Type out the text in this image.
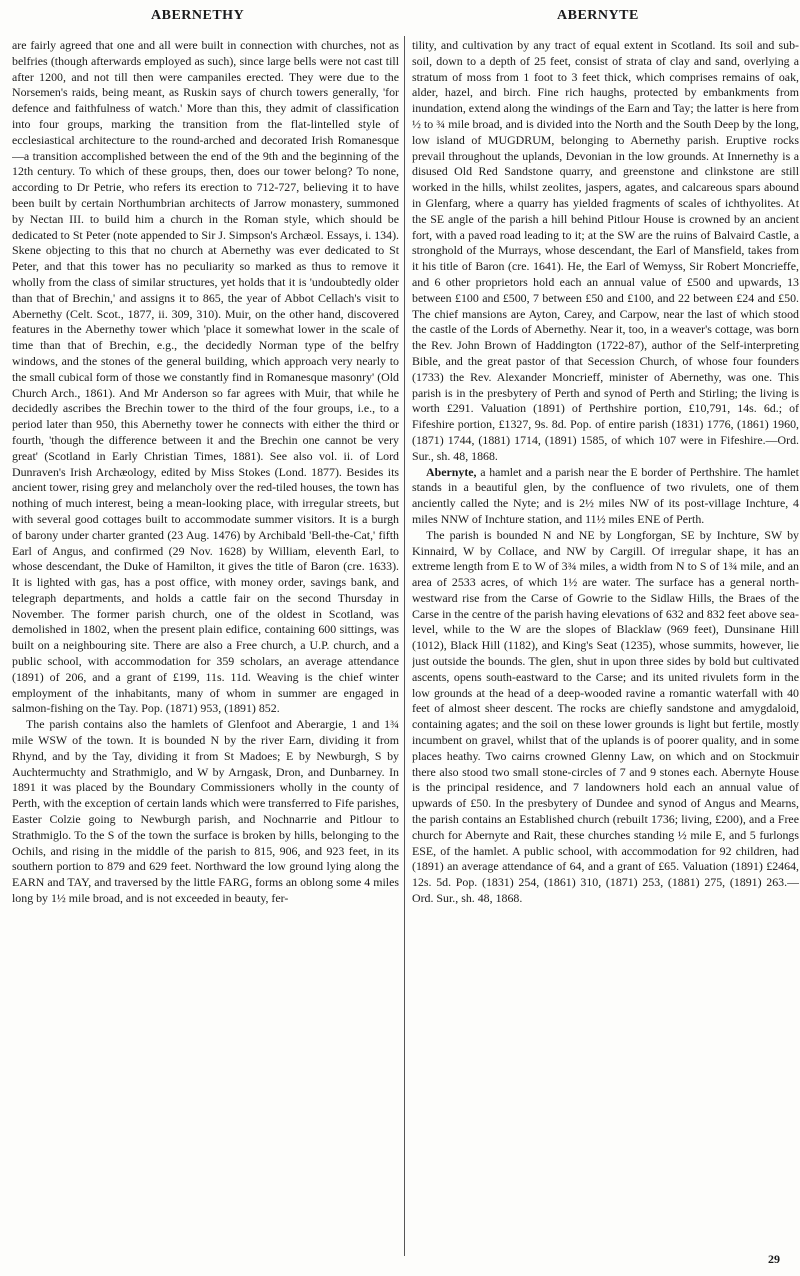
ABERNETHY	ABERNYTE

are fairly agreed that one and all were built in connection with churches, not as belfries (though afterwards employed as such), since large bells were not cast till after 1200, and not till then were campaniles erected. They were due to the Norsemen's raids, being meant, as Ruskin says of church towers generally, 'for defence and faithfulness of watch.' More than this, they admit of classification into four groups, marking the transition from the flat-lintelled style of ecclesiastical architecture to the round-arched and decorated Irish Romanesque—a transition accomplished between the end of the 9th and the beginning of the 12th century. To which of these groups, then, does our tower belong? To none, according to Dr Petrie, who refers its erection to 712-727, believing it to have been built by certain Northumbrian architects of Jarrow monastery, summoned by Nectan III. to build him a church in the Roman style, which should be dedicated to St Peter (note appended to Sir J. Simpson's Archæol. Essays, i. 134). Skene objecting to this that no church at Abernethy was ever dedicated to St Peter, and that this tower has no peculiarity so marked as thus to remove it wholly from the class of similar structures, yet holds that it is 'undoubtedly older than that of Brechin,' and assigns it to 865, the year of Abbot Cellach's visit to Abernethy (Celt. Scot., 1877, ii. 309, 310). Muir, on the other hand, discovered features in the Abernethy tower which 'place it somewhat lower in the scale of time than that of Brechin, e.g., the decidedly Norman type of the belfry windows, and the stones of the general building, which approach very nearly to the small cubical form of those we constantly find in Romanesque masonry' (Old Church Arch., 1861). And Mr Anderson so far agrees with Muir, that while he decidedly ascribes the Brechin tower to the third of the four groups, i.e., to a period later than 950, this Abernethy tower he connects with either the third or fourth, 'though the difference between it and the Brechin one cannot be very great' (Scotland in Early Christian Times, 1881). See also vol. ii. of Lord Dunraven's Irish Archæology, edited by Miss Stokes (Lond. 1877). Besides its ancient tower, rising grey and melancholy over the red-tiled houses, the town has nothing of much interest, being a mean-looking place, with irregular streets, but with several good cottages built to accommodate summer visitors. It is a burgh of barony under charter granted (23 Aug. 1476) by Archibald 'Bell-the-Cat,' fifth Earl of Angus, and confirmed (29 Nov. 1628) by William, eleventh Earl, to whose descendant, the Duke of Hamilton, it gives the title of Baron (cre. 1633). It is lighted with gas, has a post office, with money order, savings bank, and telegraph departments, and holds a cattle fair on the second Thursday in November. The former parish church, one of the oldest in Scotland, was demolished in 1802, when the present plain edifice, containing 600 sittings, was built on a neighbouring site. There are also a Free church, a U.P. church, and a public school, with accommodation for 359 scholars, an average attendance (1891) of 206, and a grant of £199, 11s. 11d. Weaving is the chief winter employment of the inhabitants, many of whom in summer are engaged in salmon-fishing on the Tay. Pop. (1871) 953, (1891) 852.

The parish contains also the hamlets of Glenfoot and Aberargie, 1 and 1¾ mile WSW of the town. It is bounded N by the river Earn, dividing it from Rhynd, and by the Tay, dividing it from St Madoes; E by Newburgh, S by Auchtermuchty and Strathmiglo, and W by Arngask, Dron, and Dunbarney. In 1891 it was placed by the Boundary Commissioners wholly in the county of Perth, with the exception of certain lands which were transferred to Fife parishes, Easter Colzie going to Newburgh parish, and Nochnarrie and Pitlour to Strathmiglo. To the S of the town the surface is broken by hills, belonging to the Ochils, and rising in the middle of the parish to 815, 906, and 923 feet, in its southern portion to 879 and 629 feet. Northward the low ground lying along the EARN and TAY, and traversed by the little FARG, forms an oblong some 4 miles long by 1½ mile broad, and is not exceeded in beauty, fer-

tility, and cultivation by any tract of equal extent in Scotland. Its soil and sub-soil, down to a depth of 25 feet, consist of strata of clay and sand, overlying a stratum of moss from 1 foot to 3 feet thick, which comprises remains of oak, alder, hazel, and birch. Fine rich haughs, protected by embankments from inundation, extend along the windings of the Earn and Tay; the latter is here from ½ to ¾ mile broad, and is divided into the North and the South Deep by the long, low island of MUGDRUM, belonging to Abernethy parish. Eruptive rocks prevail throughout the uplands, Devonian in the low grounds. At Innernethy is a disused Old Red Sandstone quarry, and greenstone and clinkstone are still worked in the hills, whilst zeolites, jaspers, agates, and calcareous spars abound in Glenfarg, where a quarry has yielded fragments of scales of ichthyolites. At the SE angle of the parish a hill behind Pitlour House is crowned by an ancient fort, with a paved road leading to it; at the SW are the ruins of Balvaird Castle, a stronghold of the Murrays, whose descendant, the Earl of Mansfield, takes from it his title of Baron (cre. 1641). He, the Earl of Wemyss, Sir Robert Moncrieffe, and 6 other proprietors hold each an annual value of £500 and upwards, 13 between £100 and £500, 7 between £50 and £100, and 22 between £24 and £50. The chief mansions are Ayton, Carey, and Carpow, near the last of which stood the castle of the Lords of Abernethy. Near it, too, in a weaver's cottage, was born the Rev. John Brown of Haddington (1722-87), author of the Self-interpreting Bible, and the great pastor of that Secession Church, of whose four founders (1733) the Rev. Alexander Moncrieff, minister of Abernethy, was one. This parish is in the presbytery of Perth and synod of Perth and Stirling; the living is worth £291. Valuation (1891) of Perthshire portion, £10,791, 14s. 6d.; of Fifeshire portion, £1327, 9s. 8d. Pop. of entire parish (1831) 1776, (1861) 1960, (1871) 1744, (1881) 1714, (1891) 1585, of which 107 were in Fifeshire.—Ord. Sur., sh. 48, 1868.

Abernyte, a hamlet and a parish near the E border of Perthshire. The hamlet stands in a beautiful glen, by the confluence of two rivulets, one of them anciently called the Nyte; and is 2½ miles NW of its post-village Inchture, 4 miles NNW of Inchture station, and 11½ miles ENE of Perth.

The parish is bounded N and NE by Longforgan, SE by Inchture, SW by Kinnaird, W by Collace, and NW by Cargill. Of irregular shape, it has an extreme length from E to W of 3¾ miles, a width from N to S of 1¾ mile, and an area of 2533 acres, of which 1½ are water. The surface has a general north-westward rise from the Carse of Gowrie to the Sidlaw Hills, the Braes of the Carse in the centre of the parish having elevations of 632 and 832 feet above sea-level, while to the W are the slopes of Blacklaw (969 feet), Dunsinane Hill (1012), Black Hill (1182), and King's Seat (1235), whose summits, however, lie just outside the bounds. The glen, shut in upon three sides by bold but cultivated ascents, opens south-eastward to the Carse; and its united rivulets form in the low grounds at the head of a deep-wooded ravine a romantic waterfall with 40 feet of almost sheer descent. The rocks are chiefly sandstone and amygdaloid, containing agates; and the soil on these lower grounds is light but fertile, mostly incumbent on gravel, whilst that of the uplands is of poorer quality, and in some places heathy. Two cairns crowned Glenny Law, on which and on Stockmuir there also stood two small stone-circles of 7 and 9 stones each. Abernyte House is the principal residence, and 7 landowners hold each an annual value of upwards of £50. In the presbytery of Dundee and synod of Angus and Mearns, the parish contains an Established church (rebuilt 1736; living, £200), and a Free church for Abernyte and Rait, these churches standing ½ mile E, and 5 furlongs ESE, of the hamlet. A public school, with accommodation for 92 children, had (1891) an average attendance of 64, and a grant of £65. Valuation (1891) £2464, 12s. 5d. Pop. (1831) 254, (1861) 310, (1871) 253, (1881) 275, (1891) 263.—Ord. Sur., sh. 48, 1868.

29
